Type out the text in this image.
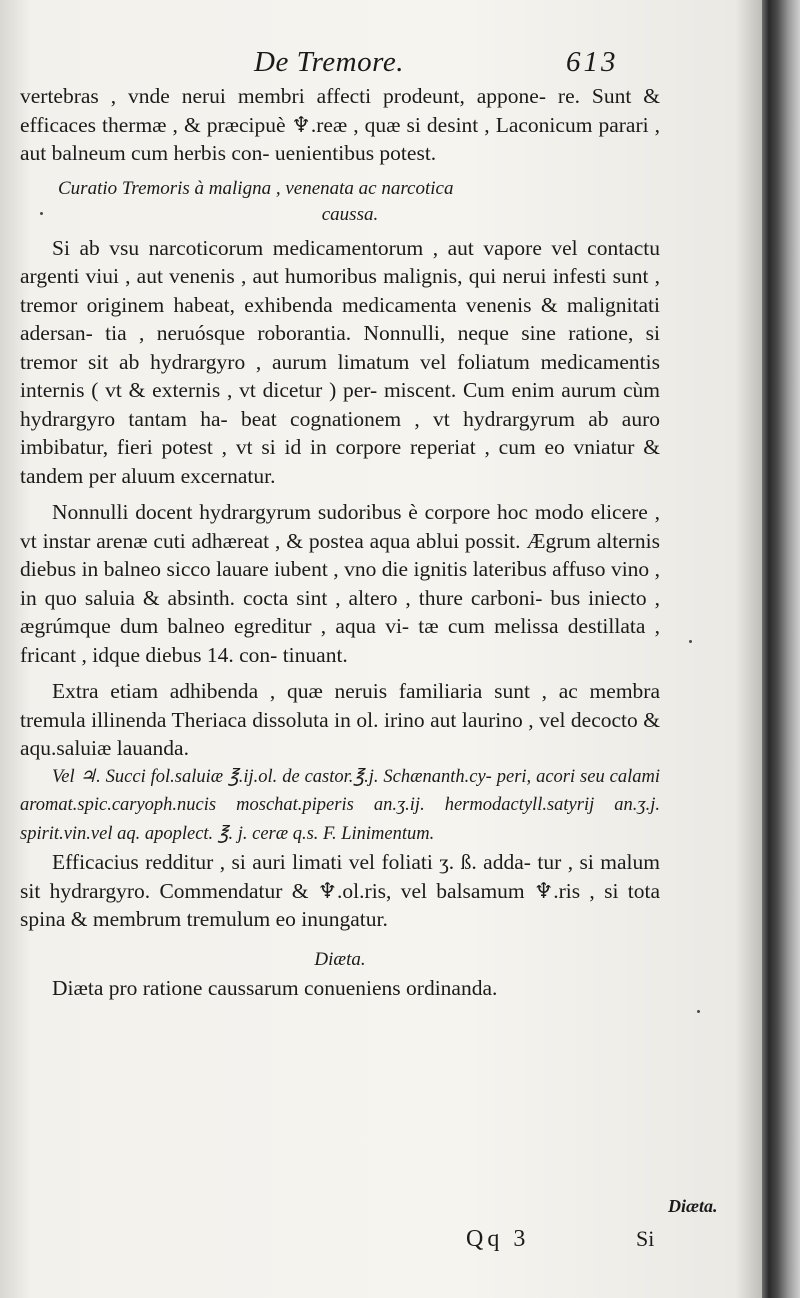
De Tremore.	613

vertebras , vnde nerui membri affecti prodeunt, appone- re. Sunt & efficaces thermæ , & præcipuè ♆.reæ , quæ si desint , Laconicum parari , aut balneum cum herbis con- uenientibus potest.

Curatio Tremoris à maligna , venenata ac narcotica
caussa.

Si ab vsu narcoticorum medicamentorum , aut vapore vel contactu argenti viui , aut venenis , aut humoribus malignis, qui nerui infesti sunt , tremor originem habeat, exhibenda medicamenta venenis & malignitati adersan- tia , neruósque roborantia. Nonnulli, neque sine ratione, si tremor sit ab hydrargyro , aurum limatum vel foliatum medicamentis internis ( vt & externis , vt dicetur ) per- miscent. Cum enim aurum cùm hydrargyro tantam ha- beat cognationem , vt hydrargyrum ab auro imbibatur, fieri potest , vt si id in corpore reperiat , cum eo vniatur & tandem per aluum excernatur.

Nonnulli docent hydrargyrum sudoribus è corpore hoc modo elicere , vt instar arenæ cuti adhæreat , & postea aqua ablui possit. Ægrum alternis diebus in balneo sicco lauare iubent , vno die ignitis lateribus affuso vino , in quo saluia & absinth. cocta sint , altero , thure carboni- bus iniecto , ægrúmque dum balneo egreditur , aqua vi- tæ cum melissa destillata , fricant , idque diebus 14. con- tinuant.

Extra etiam adhibenda , quæ neruis familiaria sunt , ac membra tremula illinenda Theriaca dissoluta in ol. irino aut laurino , vel decocto & aqu.saluiæ lauanda.

Vel ♃. Succi fol.saluiæ ℥.ij.ol. de castor.℥.j. Schænanth.cy- peri, acori seu calami aromat.spic.caryoph.nucis moschat.piperis an.ʒ.ij. hermodactyll.satyrij an.ʒ.j. spirit.vin.vel aq. apoplect. ℥. j. ceræ q.s. F. Linimentum.

Efficacius redditur , si auri limati vel foliati ʒ. ß. adda- tur , si malum sit hydrargyro. Commendatur & ♆.ol.ris, vel balsamum ♆.ris , si tota spina & membrum tremulum eo inungatur.

Diæta.

Diæta pro ratione caussarum conueniens ordinanda.

Diæta.
Qq 3	Si
